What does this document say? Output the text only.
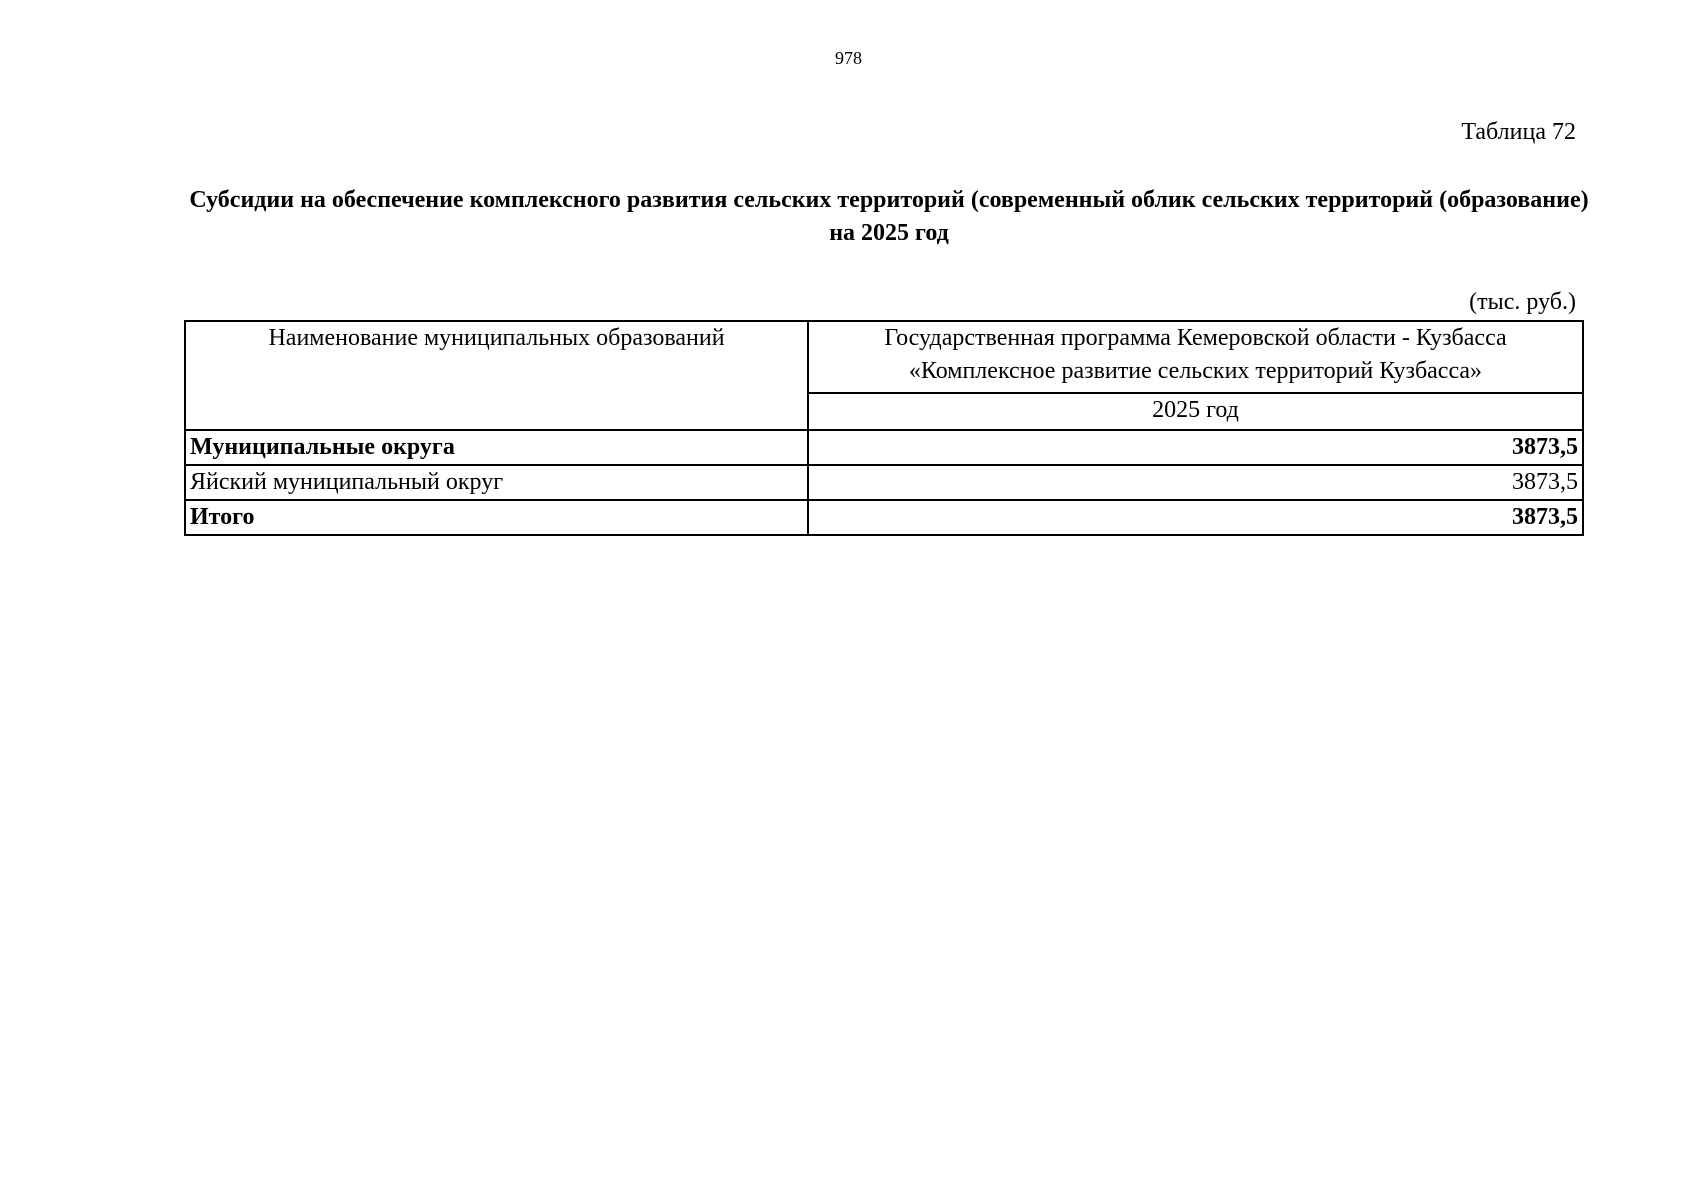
978
Таблица 72
Субсидии на обеспечение комплексного развития сельских территорий (современный облик сельских территорий (образование) на 2025 год
(тыс. руб.)
Наименование муниципальных образований	Государственная программа Кемеровской области - Кузбасса
«Комплексное развитие сельских территорий Кузбасса»
	2025 год
Муниципальные округа	3873,5
Яйский муниципальный округ	3873,5
Итого	3873,5
